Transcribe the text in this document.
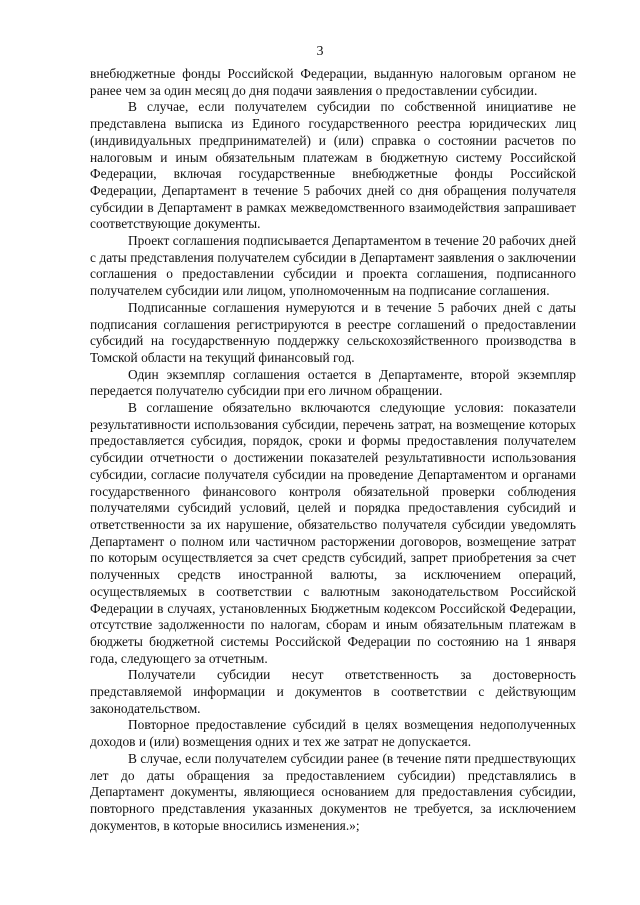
3

внебюджетные фонды Российской Федерации, выданную налоговым органом не ранее чем за один месяц до дня подачи заявления о предоставлении субсидии.

В случае, если получателем субсидии по собственной инициативе не представлена выписка из Единого государственного реестра юридических лиц (индивидуальных предпринимателей) и (или) справка о состоянии расчетов по налоговым и иным обязательным платежам в бюджетную систему Российской Федерации, включая государственные внебюджетные фонды Российской Федерации, Департамент в течение 5 рабочих дней со дня обращения получателя субсидии в Департамент в рамках межведомственного взаимодействия запрашивает соответствующие документы.

Проект соглашения подписывается Департаментом в течение 20 рабочих дней с даты представления получателем субсидии в Департамент заявления о заключении соглашения о предоставлении субсидии и проекта соглашения, подписанного получателем субсидии или лицом, уполномоченным на подписание соглашения.

Подписанные соглашения нумеруются и в течение 5 рабочих дней с даты подписания соглашения регистрируются в реестре соглашений о предоставлении субсидий на государственную поддержку сельскохозяйственного производства в Томской области на текущий финансовый год.

Один экземпляр соглашения остается в Департаменте, второй экземпляр передается получателю субсидии при его личном обращении.

В соглашение обязательно включаются следующие условия: показатели результативности использования субсидии, перечень затрат, на возмещение которых предоставляется субсидия, порядок, сроки и формы предоставления получателем субсидии отчетности о достижении показателей результативности использования субсидии, согласие получателя субсидии на проведение Департаментом и органами государственного финансового контроля обязательной проверки соблюдения получателями субсидий условий, целей и порядка предоставления субсидий и ответственности за их нарушение, обязательство получателя субсидии уведомлять Департамент о полном или частичном расторжении договоров, возмещение затрат по которым осуществляется за счет средств субсидий, запрет приобретения за счет полученных средств иностранной валюты, за исключением операций, осуществляемых в соответствии с валютным законодательством Российской Федерации в случаях, установленных Бюджетным кодексом Российской Федерации, отсутствие задолженности по налогам, сборам и иным обязательным платежам в бюджеты бюджетной системы Российской Федерации по состоянию на 1 января года, следующего за отчетным.

Получатели субсидии несут ответственность за достоверность представляемой информации и документов в соответствии с действующим законодательством.

Повторное предоставление субсидий в целях возмещения недополученных доходов и (или) возмещения одних и тех же затрат не допускается.

В случае, если получателем субсидии ранее (в течение пяти предшествующих лет до даты обращения за предоставлением субсидии) представлялись в Департамент документы, являющиеся основанием для предоставления субсидии, повторного представления указанных документов не требуется, за исключением документов, в которые вносились изменения.»;
